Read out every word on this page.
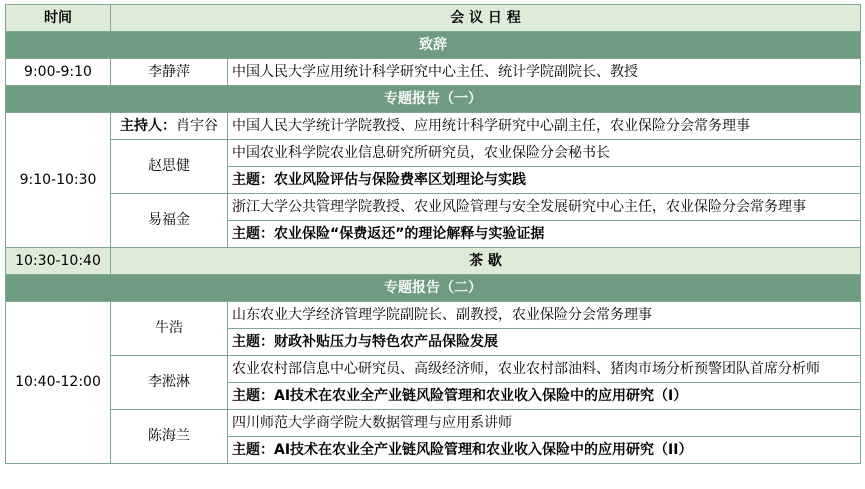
时间	会 议 日 程	
致辞		
9:00-9:10	李静萍	中国人民大学应用统计科学研究中心主任、统计学院副院长、教授
专题报告（一）		
9:10-10:30	主持人：肖宇谷	中国人民大学统计学院教授、应用统计科学研究中心副主任，农业保险分会常务理事
	赵思健	中国农业科学院农业信息研究所研究员，农业保险分会秘书长
		主题：农业风险评估与保险费率区划理论与实践
	易福金	浙江大学公共管理学院教授、农业风险管理与安全发展研究中心主任，农业保险分会常务理事
		主题：农业保险“保费返还”的理论解释与实验证据
10:30-10:40	茶 歇	
专题报告（二）		
10:40-12:00	牛浩	山东农业大学经济管理学院副院长、副教授，农业保险分会常务理事
		主题：财政补贴压力与特色农产品保险发展
	李淞淋	农业农村部信息中心研究员、高级经济师，农业农村部油料、猪肉市场分析预警团队首席分析师
		主题：AI技术在农业全产业链风险管理和农业收入保险中的应用研究（I）
	陈海兰	四川师范大学商学院大数据管理与应用系讲师
		主题：AI技术在农业全产业链风险管理和农业收入保险中的应用研究（II）
